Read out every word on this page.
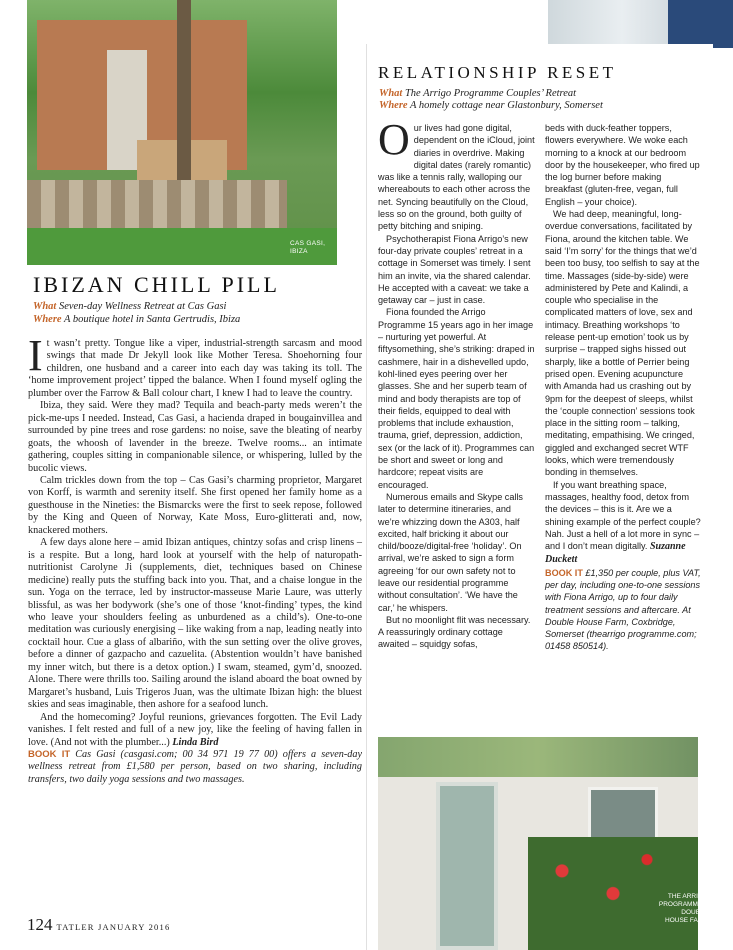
CAS GASI,
IBIZA
IBIZAN CHILL PILL
What Seven-day Wellness Retreat at Cas Gasi
Where A boutique hotel in Santa Gertrudis, Ibiza

It wasn’t pretty. Tongue like a viper, industrial-strength sarcasm and mood swings that made Dr Jekyll look like Mother Teresa. Shoehorning four children, one husband and a career into each day was taking its toll. The ‘home improvement project’ tipped the balance. When I found myself ogling the plumber over the Farrow & Ball colour chart, I knew I had to leave the country.

Ibiza, they said. Were they mad? Tequila and beach-party meds weren’t the pick-me-ups I needed. Instead, Cas Gasi, a hacienda draped in bougainvillea and surrounded by pine trees and rose gardens: no noise, save the bleating of nearby goats, the whoosh of lavender in the breeze. Twelve rooms... an intimate gathering, couples sitting in companionable silence, or whispering, lulled by the bucolic views.

Calm trickles down from the top – Cas Gasi’s charming proprietor, Margaret von Korff, is warmth and serenity itself. She first opened her family home as a guesthouse in the Nineties: the Bismarcks were the first to seek repose, followed by the King and Queen of Norway, Kate Moss, Euro-glitterati and, now, knackered mothers.

A few days alone here – amid Ibizan antiques, chintzy sofas and crisp linens – is a respite. But a long, hard look at yourself with the help of naturopath-nutritionist Carolyne Ji (supplements, diet, techniques based on Chinese medicine) really puts the stuffing back into you. That, and a chaise longue in the sun. Yoga on the terrace, led by instructor-masseuse Marie Laure, was utterly blissful, as was her bodywork (she’s one of those ‘knot-finding’ types, the kind who leave your shoulders feeling as unburdened as a child’s). One-to-one meditation was curiously energising – like waking from a nap, leading neatly into cocktail hour. Cue a glass of albariño, with the sun setting over the olive groves, before a dinner of gazpacho and cazuelita. (Abstention wouldn’t have banished my inner witch, but there is a detox option.) I swam, steamed, gym’d, snoozed. Alone. There were thrills too. Sailing around the island aboard the boat owned by Margaret’s husband, Luis Trigeros Juan, was the ultimate Ibizan high: the bluest skies and seas imaginable, then ashore for a seafood lunch.

And the homecoming? Joyful reunions, grievances forgotten. The Evil Lady vanishes. I felt rested and full of a new joy, like the feeling of having fallen in love. (And not with the plumber...) Linda Bird
BOOK IT Cas Gasi (casgasi.com; 00 34 971 19 77 00) offers a seven-day wellness retreat from £1,580 per person, based on two sharing, including transfers, two daily yoga sessions and two massages.

RELATIONSHIP RESET
What The Arrigo Programme Couples’ Retreat
Where A homely cottage near Glastonbury, Somerset

Our lives had gone digital, dependent on the iCloud, joint diaries in overdrive. Making digital dates (rarely romantic) was like a tennis rally, walloping our whereabouts to each other across the net. Syncing beautifully on the Cloud, less so on the ground, both guilty of petty bitching and sniping.

Psychotherapist Fiona Arrigo’s new four-day private couples’ retreat in a cottage in Somerset was timely. I sent him an invite, via the shared calendar. He accepted with a caveat: we take a getaway car – just in case.

Fiona founded the Arrigo Programme 15 years ago in her image – nurturing yet powerful. At fiftysomething, she’s striking: draped in cashmere, hair in a dishevelled updo, kohl-lined eyes peering over her glasses. She and her superb team of mind and body therapists are top of their fields, equipped to deal with problems that include exhaustion, trauma, grief, depression, addiction, sex (or the lack of it). Programmes can be short and sweet or long and hardcore; repeat visits are encouraged.

Numerous emails and Skype calls later to determine itineraries, and we’re whizzing down the A303, half excited, half bricking it about our child/booze/digital-free ‘holiday’. On arrival, we’re asked to sign a form agreeing ‘for our own safety not to leave our residential programme without consultation’. ‘We have the car,’ he whispers.

But no moonlight flit was necessary. A reassuringly ordinary cottage awaited – squidgy sofas,

beds with duck-feather toppers, flowers everywhere. We woke each morning to a knock at our bedroom door by the housekeeper, who fired up the log burner before making breakfast (gluten-free, vegan, full English – your choice).

We had deep, meaningful, long-overdue conversations, facilitated by Fiona, around the kitchen table. We said ‘I’m sorry’ for the things that we’d been too busy, too selfish to say at the time. Massages (side-by-side) were administered by Pete and Kalindi, a couple who specialise in the complicated matters of love, sex and intimacy. Breathing workshops ‘to release pent-up emotion’ took us by surprise – trapped sighs hissed out sharply, like a bottle of Perrier being prised open. Evening acupuncture with Amanda had us crashing out by 9pm for the deepest of sleeps, whilst the ‘couple connection’ sessions took place in the sitting room – talking, meditating, empathising. We cringed, giggled and exchanged secret WTF looks, which were tremendously bonding in themselves.

If you want breathing space, massages, healthy food, detox from the devices – this is it. Are we a shining example of the perfect couple? Nah. Just a hell of a lot more in sync – and I don’t mean digitally. Suzanne Duckett
BOOK IT £1,350 per couple, plus VAT, per day, including one-to-one sessions with Fiona Arrigo, up to four daily treatment sessions and aftercare. At Double House Farm, Coxbridge, Somerset (thearrigo programme.com; 01458 850514).

THE ARRIGO
PROGRAMME’S
DOUBLE
HOUSE FARM
124 TATLER JANUARY 2016
